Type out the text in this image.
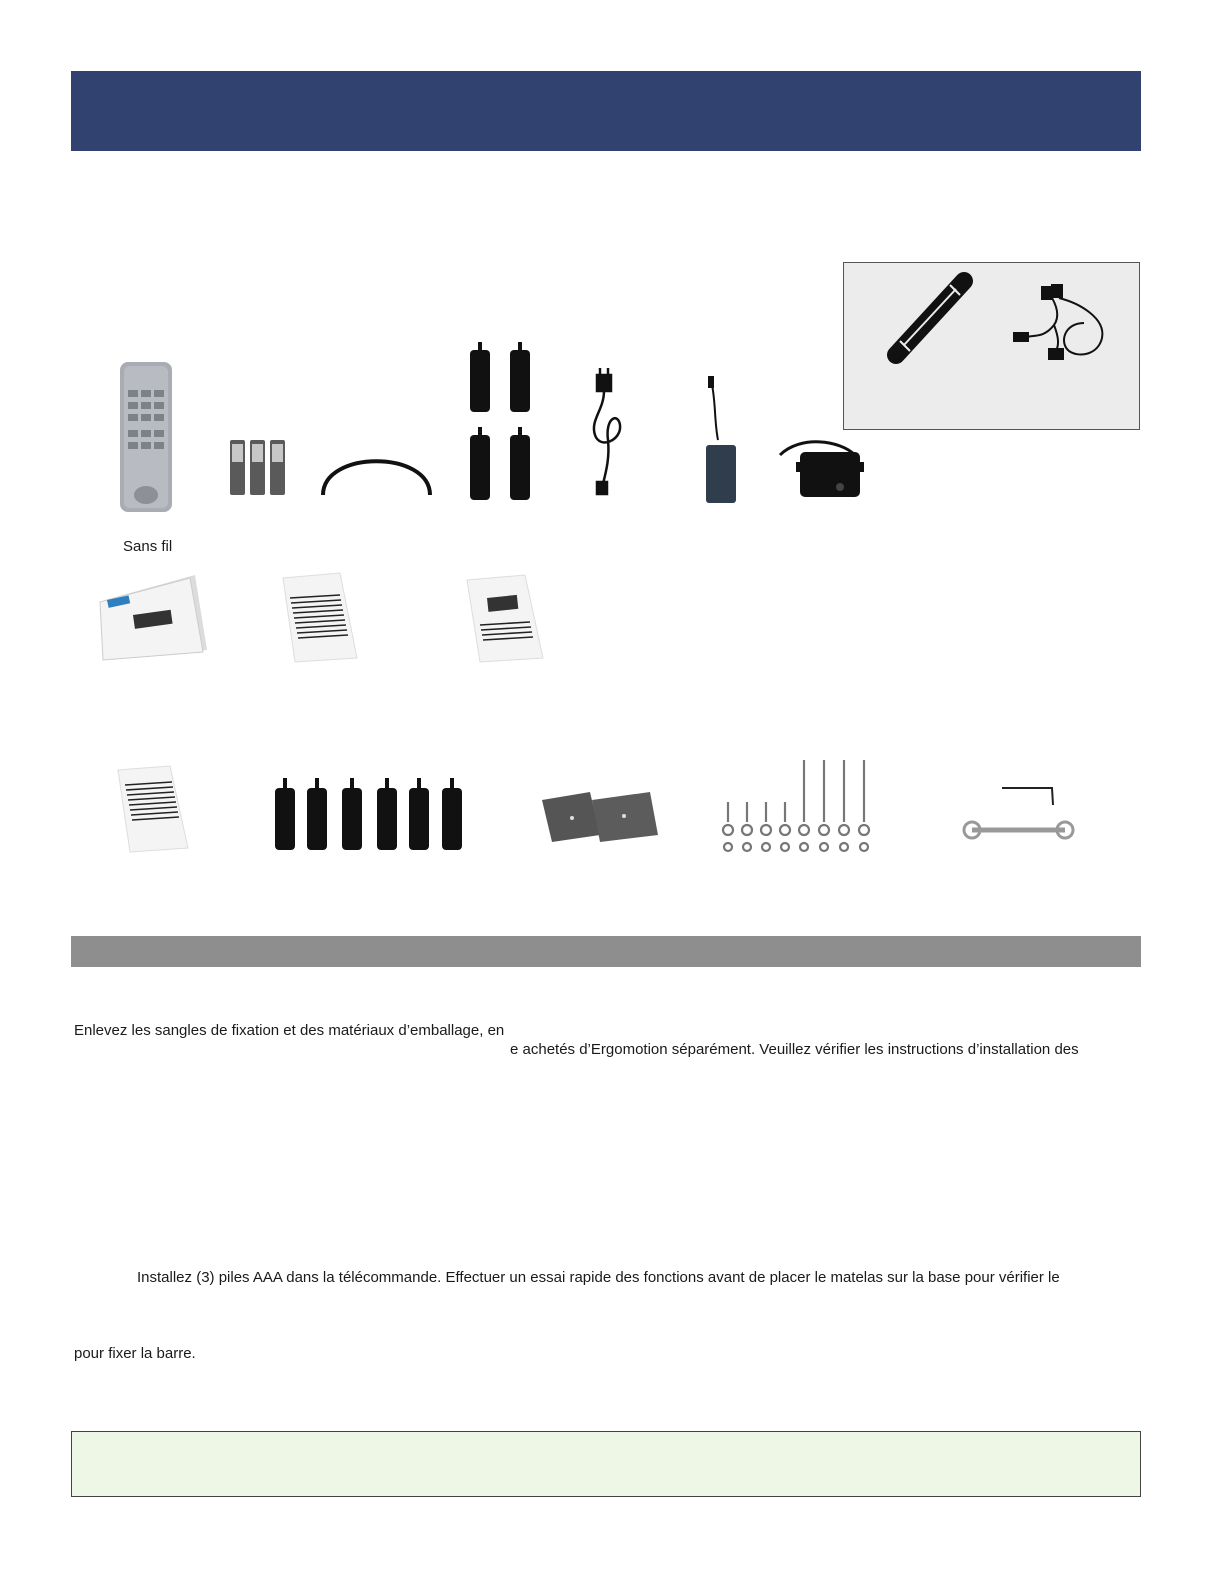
Sans fil
Enlevez les sangles de fixation et des matériaux d’emballage, en
e achetés d’Ergomotion séparément. Veuillez vérifier les instructions d’installation des
Installez (3) piles AAA dans la télécommande. Effectuer un essai rapide des fonctions avant de placer le matelas sur la base pour vérifier le
pour fixer la barre.
